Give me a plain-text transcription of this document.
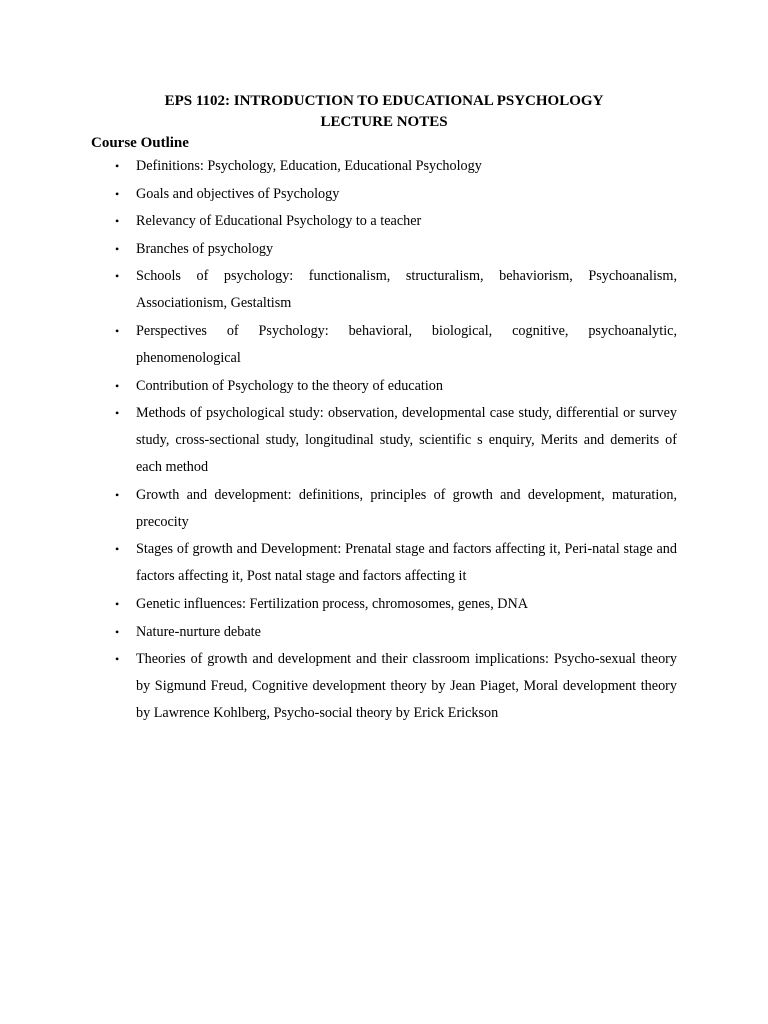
EPS 1102: INTRODUCTION TO EDUCATIONAL PSYCHOLOGY

LECTURE NOTES

Course Outline

• Definitions: Psychology, Education, Educational Psychology
• Goals and objectives of Psychology
• Relevancy of Educational Psychology to a teacher
• Branches of psychology
• Schools of psychology: functionalism, structuralism, behaviorism, Psychoanalism, Associationism, Gestaltism
• Perspectives of Psychology: behavioral, biological, cognitive, psychoanalytic, phenomenological
• Contribution of Psychology to the theory of education
• Methods of psychological study: observation, developmental case study, differential or survey study, cross-sectional study, longitudinal study, scientific s enquiry, Merits and demerits of each method
• Growth and development: definitions, principles of growth and development, maturation, precocity
• Stages of growth and Development: Prenatal stage and factors affecting it, Peri-natal stage and factors affecting it, Post natal stage and factors affecting it
• Genetic influences: Fertilization process, chromosomes, genes, DNA
• Nature-nurture debate
• Theories of growth and development and their classroom implications: Psycho-sexual theory by Sigmund Freud, Cognitive development theory by Jean Piaget, Moral development theory by Lawrence Kohlberg, Psycho-social theory by Erick Erickson
